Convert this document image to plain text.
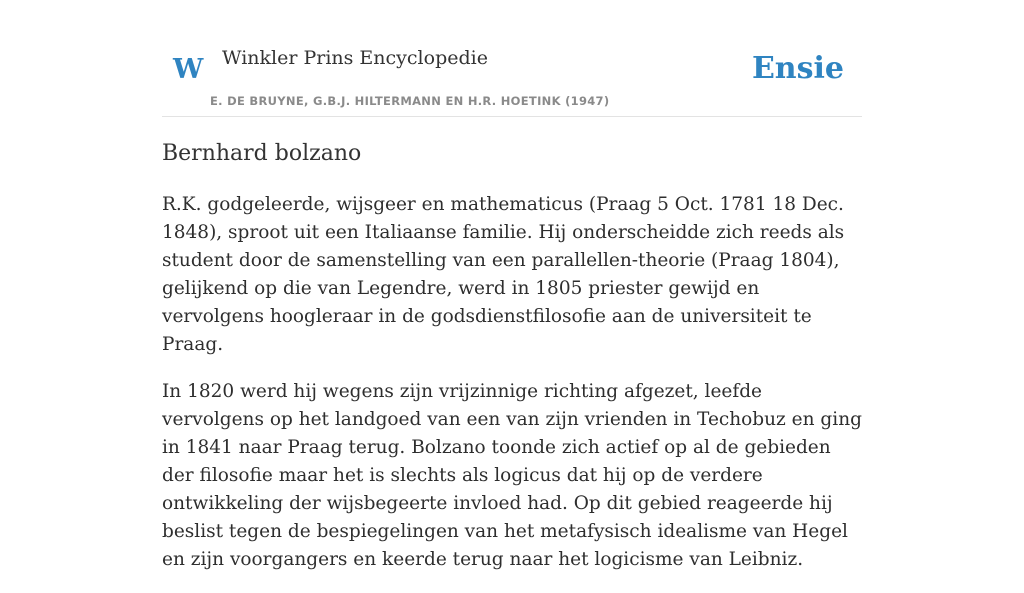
W Winkler Prins Encyclopedie
E. DE BRUYNE, G.B.J. HILTERMANN EN H.R. HOETINK (1947)
Ensie
Bernhard bolzano

R.K. godgeleerde, wijsgeer en mathematicus (Praag 5 Oct. 1781 18 Dec. 1848), sproot uit een Italiaanse familie. Hij onderscheidde zich reeds als student door de samenstelling van een parallellen-theorie (Praag 1804), gelijkend op die van Legendre, werd in 1805 priester gewijd en vervolgens hoogleraar in de godsdienstfilosofie aan de universiteit te Praag.

In 1820 werd hij wegens zijn vrijzinnige richting afgezet, leefde vervolgens op het landgoed van een van zijn vrienden in Techobuz en ging in 1841 naar Praag terug. Bolzano toonde zich actief op al de gebieden der filosofie maar het is slechts als logicus dat hij op de verdere ontwikkeling der wijsbegeerte invloed had. Op dit gebied reageerde hij beslist tegen de bespiegelingen van het metafysisch idealisme van Hegel en zijn voorgangers en keerde terug naar het logicisme van Leibniz.
